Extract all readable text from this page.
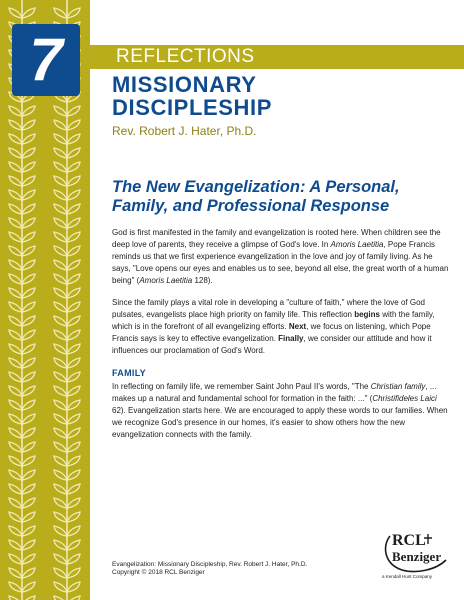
7	REFLECTIONS
MISSIONARY
DISCIPLESHIP

Rev. Robert J. Hater, Ph.D.

The New Evangelization: A Personal,
Family, and Professional Response

God is first manifested in the family and evangelization is rooted here. When children see the deep love of parents, they receive a glimpse of God's love. In Amoris Laetitia, Pope Francis reminds us that we first experience evangelization in the love and joy of family living. As he says, "Love opens our eyes and enables us to see, beyond all else, the great worth of a human being" (Amoris Laetitia 128).

Since the family plays a vital role in developing a "culture of faith," where the love of God pulsates, evangelists place high priority on family life. This reflection begins with the family, which is in the forefront of all evangelizing efforts. Next, we focus on listening, which Pope Francis says is key to effective evangelization. Finally, we consider our attitude and how it influences our proclamation of God's Word.

FAMILY

In reflecting on family life, we remember Saint John Paul II's words, "The Christian family, ... makes up a natural and fundamental school for formation in the faith: ..." (Christifideles Laici 62). Evangelization starts here. We are encouraged to apply these words to our families. When we recognize God's presence in our homes, it's easier to show others how the new evangelization connects with the family.

Evangelization: Missionary Discipleship, Rev. Robert J. Hater, Ph.D.
Copyright © 2018 RCL Benziger
RCL
Benziger
a Kendall Hunt Company
